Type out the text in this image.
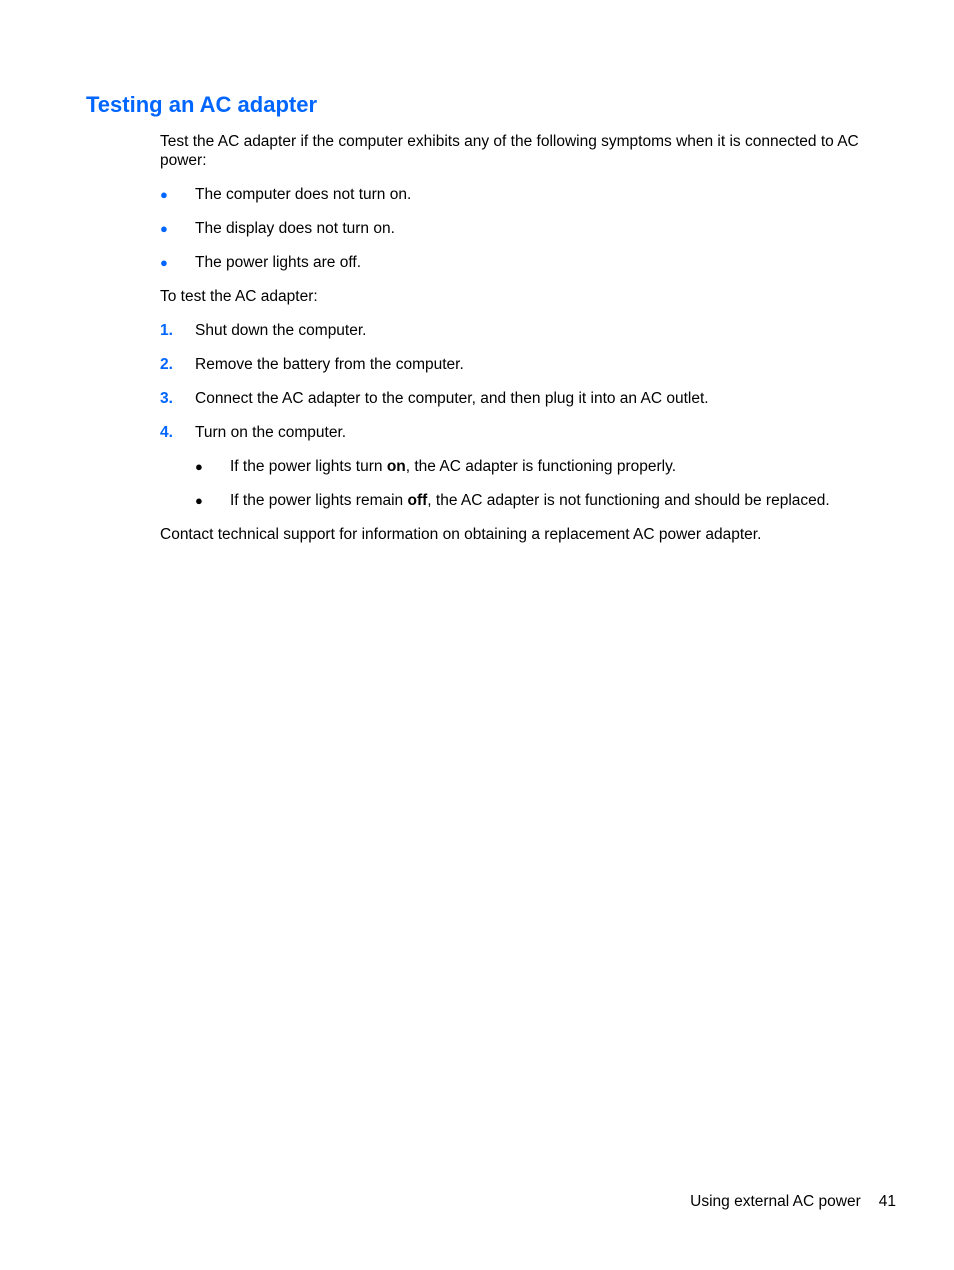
Testing an AC adapter

Test the AC adapter if the computer exhibits any of the following symptoms when it is connected to AC power:

●	The computer does not turn on.
●	The display does not turn on.
●	The power lights are off.

To test the AC adapter:

1.	Shut down the computer.
2.	Remove the battery from the computer.
3.	Connect the AC adapter to the computer, and then plug it into an AC outlet.
4.	Turn on the computer.
●	If the power lights turn on, the AC adapter is functioning properly.
●	If the power lights remain off, the AC adapter is not functioning and should be replaced.

Contact technical support for information on obtaining a replacement AC power adapter.

Using external AC power 41
